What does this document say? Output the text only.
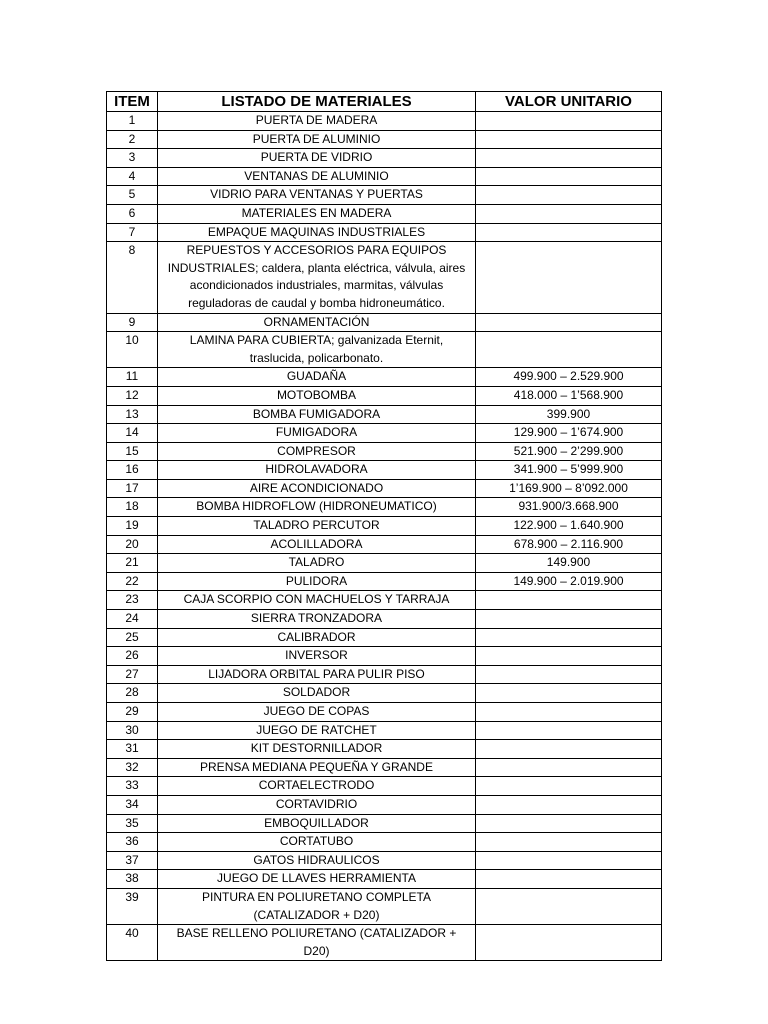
ITEM	LISTADO DE MATERIALES	VALOR UNITARIO
1	PUERTA DE MADERA	
2	PUERTA DE ALUMINIO	
3	PUERTA DE VIDRIO	
4	VENTANAS DE ALUMINIO	
5	VIDRIO PARA VENTANAS Y PUERTAS	
6	MATERIALES EN MADERA	
7	EMPAQUE MAQUINAS INDUSTRIALES	
8	REPUESTOS Y ACCESORIOS PARA EQUIPOS INDUSTRIALES; caldera, planta eléctrica, válvula, aires acondicionados industriales, marmitas, válvulas reguladoras de caudal y bomba hidroneumático.	
9	ORNAMENTACIÓN	
10	LAMINA PARA CUBIERTA; galvanizada Eternit, traslucida, policarbonato.	
11	GUADAÑA	499.900 – 2.529.900
12	MOTOBOMBA	418.000 – 1’568.900
13	BOMBA FUMIGADORA	399.900
14	FUMIGADORA	129.900 – 1’674.900
15	COMPRESOR	521.900 – 2’299.900
16	HIDROLAVADORA	341.900 – 5’999.900
17	AIRE ACONDICIONADO	1’169.900 – 8’092.000
18	BOMBA HIDROFLOW (HIDRONEUMATICO)	931.900/3.668.900
19	TALADRO PERCUTOR	122.900 – 1.640.900
20	ACOLILLADORA	678.900 – 2.116.900
21	TALADRO	149.900
22	PULIDORA	149.900 – 2.019.900
23	CAJA SCORPIO CON MACHUELOS Y TARRAJA	
24	SIERRA TRONZADORA	
25	CALIBRADOR	
26	INVERSOR	
27	LIJADORA ORBITAL PARA PULIR PISO	
28	SOLDADOR	
29	JUEGO DE COPAS	
30	JUEGO DE RATCHET	
31	KIT DESTORNILLADOR	
32	PRENSA MEDIANA PEQUEÑA Y GRANDE	
33	CORTAELECTRODO	
34	CORTAVIDRIO	
35	EMBOQUILLADOR	
36	CORTATUBO	
37	GATOS HIDRAULICOS	
38	JUEGO DE LLAVES HERRAMIENTA	
39	PINTURA EN POLIURETANO COMPLETA (CATALIZADOR + D20)	
40	BASE RELLENO POLIURETANO (CATALIZADOR + D20)	
